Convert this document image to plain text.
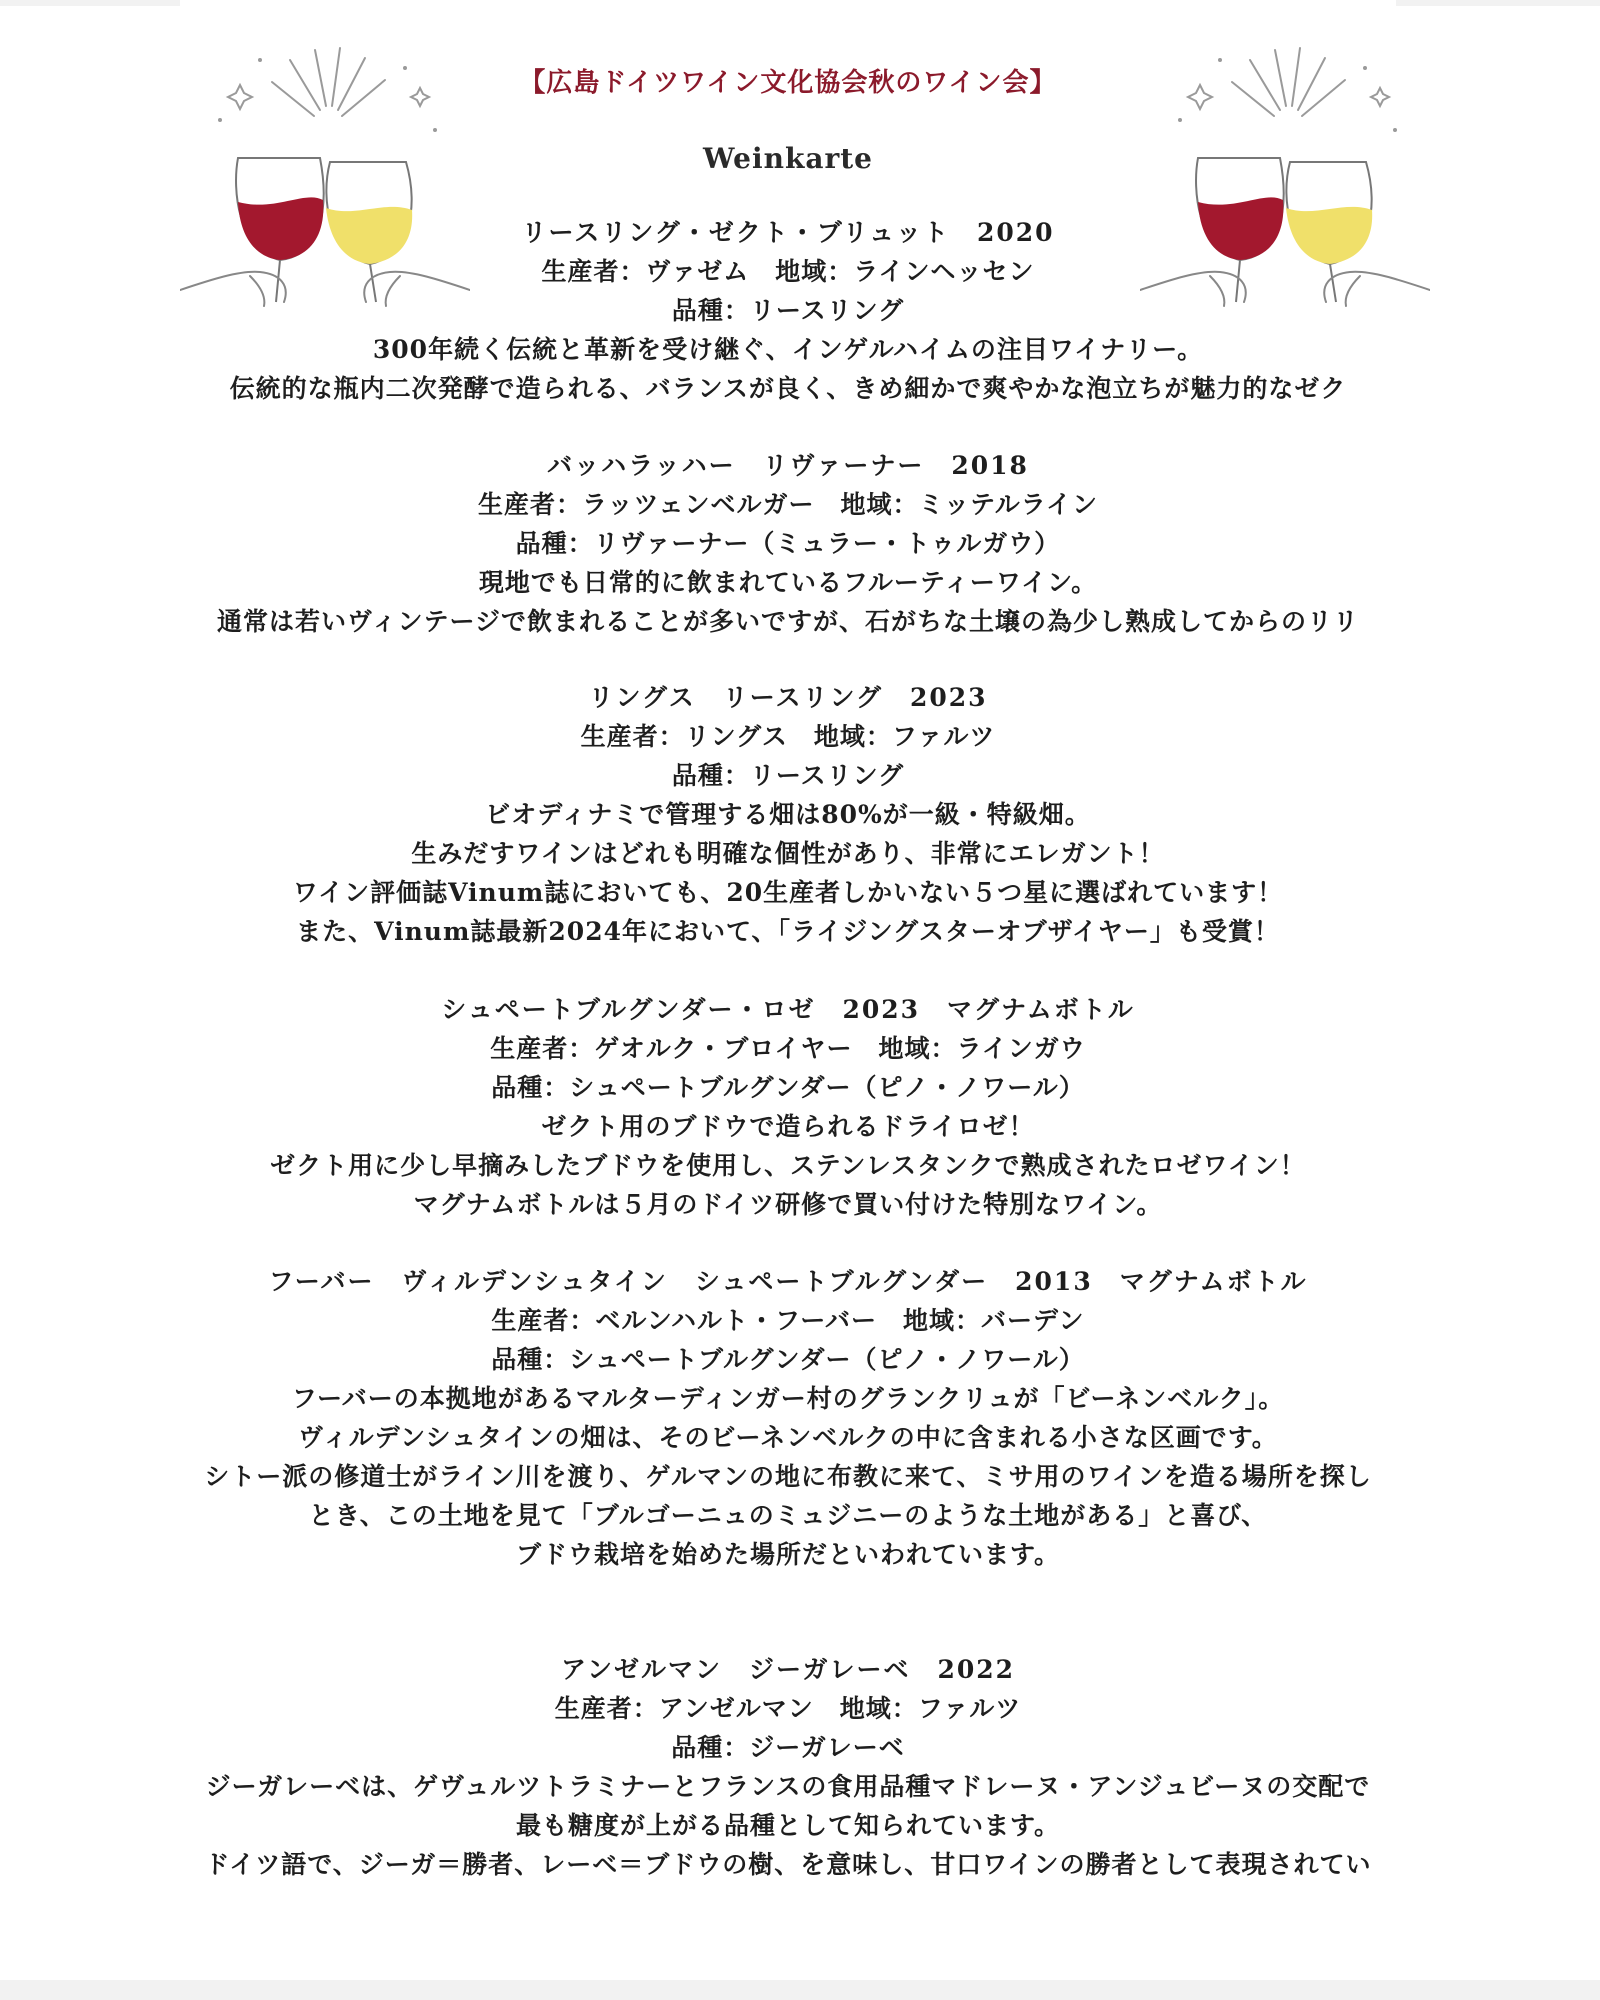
【広島ドイツワイン文化協会秋のワイン会】
Weinkarte
リースリング・ゼクト・ブリュット　2020
生産者：ヴァゼム　地域：ラインヘッセン
品種：リースリング
300年続く伝統と革新を受け継ぐ、インゲルハイムの注目ワイナリー。
伝統的な瓶内二次発酵で造られる、バランスが良く、きめ細かで爽やかな泡立ちが魅力的なゼク
バッハラッハー　リヴァーナー　2018
生産者：ラッツェンベルガー　地域：ミッテルライン
品種：リヴァーナー（ミュラー・トゥルガウ）
現地でも日常的に飲まれているフルーティーワイン。
通常は若いヴィンテージで飲まれることが多いですが、石がちな土壌の為少し熟成してからのリリ
リングス　リースリング　2023
生産者：リングス　地域：ファルツ
品種：リースリング
ビオディナミで管理する畑は80%が一級・特級畑。
生みだすワインはどれも明確な個性があり、非常にエレガント！
ワイン評価誌Vinum誌においても、20生産者しかいない５つ星に選ばれています！
また、Vinum誌最新2024年において、「ライジングスターオブザイヤー」も受賞！
シュペートブルグンダー・ロゼ　2023　マグナムボトル
生産者：ゲオルク・ブロイヤー　地域：ラインガウ
品種：シュペートブルグンダー（ピノ・ノワール）
ゼクト用のブドウで造られるドライロゼ！
ゼクト用に少し早摘みしたブドウを使用し、ステンレスタンクで熟成されたロゼワイン！
マグナムボトルは５月のドイツ研修で買い付けた特別なワイン。
フーバー　ヴィルデンシュタイン　シュペートブルグンダー　2013　マグナムボトル
生産者：ベルンハルト・フーバー　地域：バーデン
品種：シュペートブルグンダー（ピノ・ノワール）
フーバーの本拠地があるマルターディンガー村のグランクリュが「ビーネンベルク」。
ヴィルデンシュタインの畑は、そのビーネンベルクの中に含まれる小さな区画です。
シトー派の修道士がライン川を渡り、ゲルマンの地に布教に来て、ミサ用のワインを造る場所を探し
とき、この土地を見て「ブルゴーニュのミュジニーのような土地がある」と喜び、
ブドウ栽培を始めた場所だといわれています。
アンゼルマン　ジーガレーベ　2022
生産者：アンゼルマン　地域：ファルツ
品種：ジーガレーベ
ジーガレーベは、ゲヴュルツトラミナーとフランスの食用品種マドレーヌ・アンジュビーヌの交配で
最も糖度が上がる品種として知られています。
ドイツ語で、ジーガ＝勝者、レーベ＝ブドウの樹、を意味し、甘口ワインの勝者として表現されてい
